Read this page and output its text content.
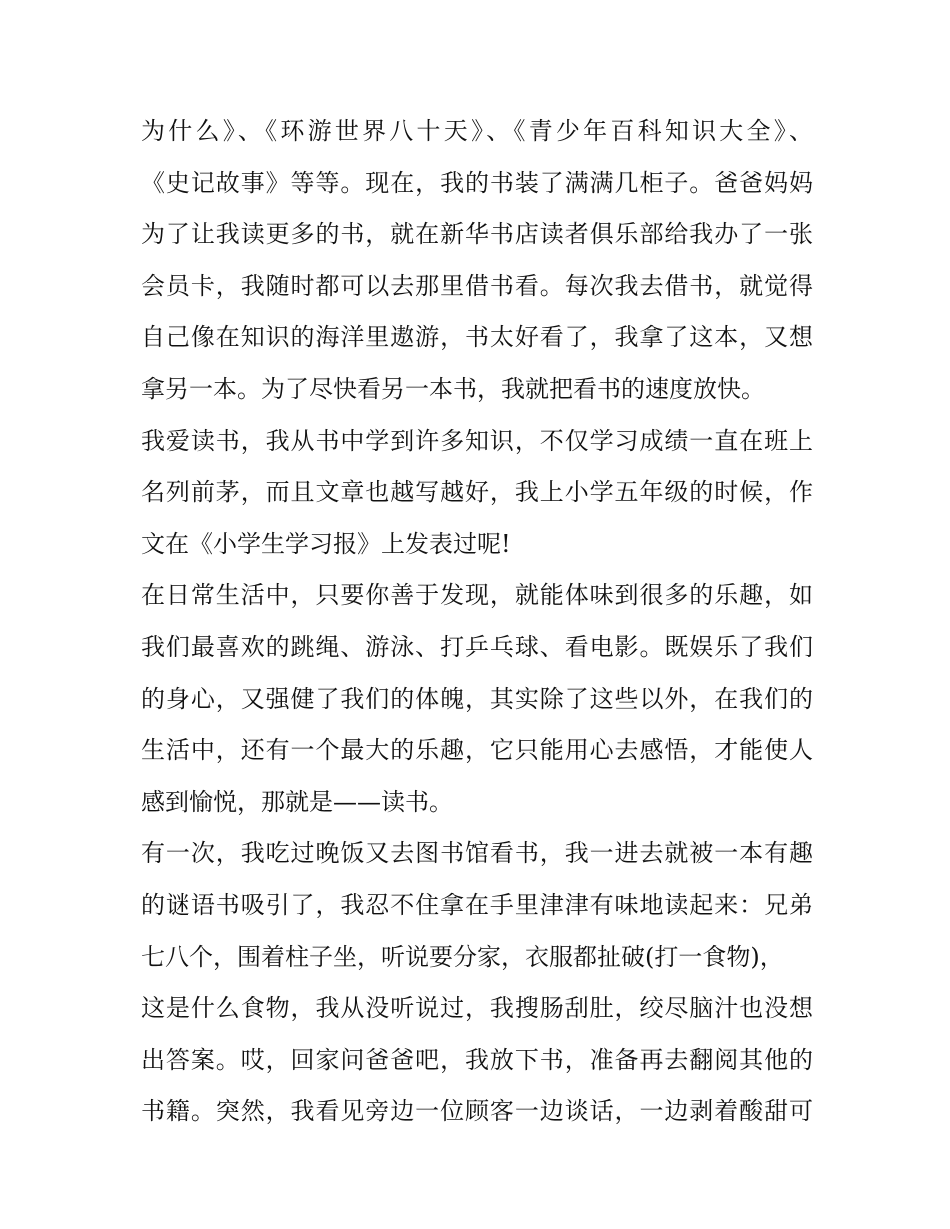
为什么》、《环游世界八十天》、《青少年百科知识大全》、
《史记故事》等等。现在，我的书装了满满几柜子。爸爸妈妈
为了让我读更多的书，就在新华书店读者俱乐部给我办了一张
会员卡，我随时都可以去那里借书看。每次我去借书，就觉得
自己像在知识的海洋里遨游，书太好看了，我拿了这本，又想
拿另一本。为了尽快看另一本书，我就把看书的速度放快。
我爱读书，我从书中学到许多知识，不仅学习成绩一直在班上
名列前茅，而且文章也越写越好，我上小学五年级的时候，作
文在《小学生学习报》上发表过呢!
在日常生活中，只要你善于发现，就能体味到很多的乐趣，如
我们最喜欢的跳绳、游泳、打乒乓球、看电影。既娱乐了我们
的身心，又强健了我们的体魄，其实除了这些以外，在我们的
生活中，还有一个最大的乐趣，它只能用心去感悟，才能使人
感到愉悦，那就是——读书。
有一次，我吃过晚饭又去图书馆看书，我一进去就被一本有趣
的谜语书吸引了，我忍不住拿在手里津津有味地读起来：兄弟
七八个，围着柱子坐，听说要分家，衣服都扯破(打一食物)，
这是什么食物，我从没听说过，我搜肠刮肚，绞尽脑汁也没想
出答案。哎，回家问爸爸吧，我放下书，准备再去翻阅其他的
书籍。突然，我看见旁边一位顾客一边谈话，一边剥着酸甜可
